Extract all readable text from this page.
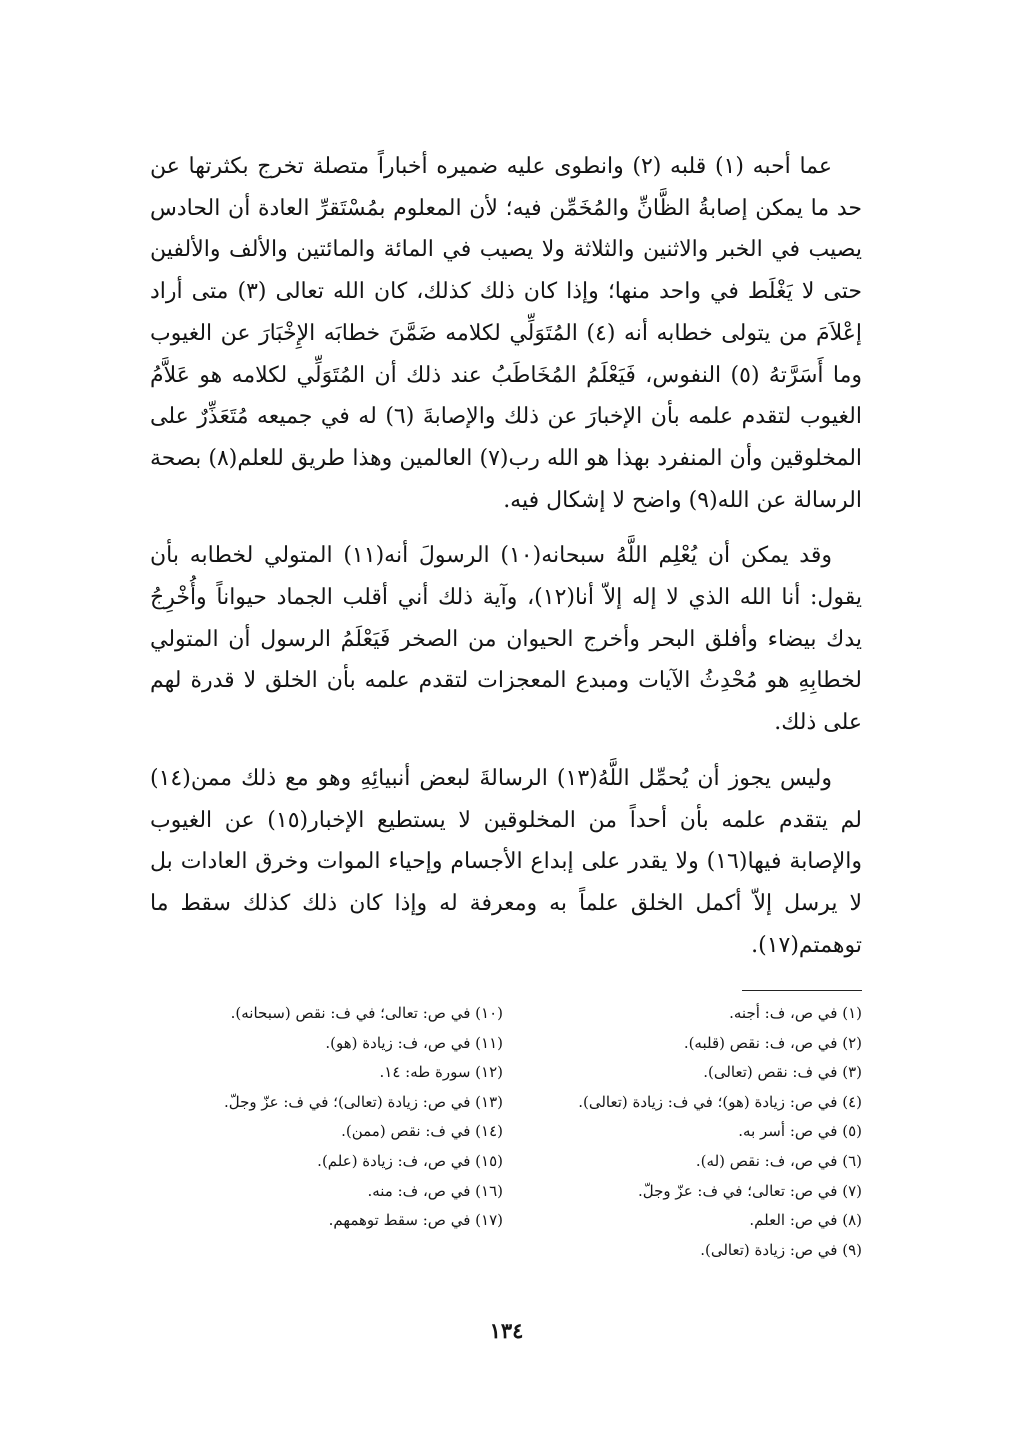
عما أحبه (١) قلبه (٢) وانطوى عليه ضميره أخباراً متصلة تخرج بكثرتها عن حد ما يمكن إصابةُ الظَّانِّ والمُخَمِّن فيه؛ لأن المعلوم بمُسْتَقرِّ العادة أن الحادس يصيب في الخبر والاثنين والثلاثة ولا يصيب في المائة والمائتين والألف والألفين حتى لا يَغْلَط في واحد منها؛ وإذا كان ذلك كذلك، كان الله تعالى (٣) متى أراد إعْلاَمَ من يتولى خطابه أنه (٤) المُتَوَلِّي لكلامه ضَمَّنَ خطابَه الإِخْبَارَ عن الغيوب وما أَسَرَّتهُ (٥) النفوس، فَيَعْلَمُ المُخَاطَبُ عند ذلك أن المُتَوَلِّي لكلامه هو عَلاَّمُ الغيوب لتقدم علمه بأن الإخبارَ عن ذلك والإصابةَ (٦) له في جميعه مُتَعَذِّرٌ على المخلوقين وأن المنفرد بهذا هو الله رب(٧) العالمين وهذا طريق للعلم(٨) بصحة الرسالة عن الله(٩) واضح لا إشكال فيه.

وقد يمكن أن يُعْلِم اللَّهُ سبحانه(١٠) الرسولَ أنه(١١) المتولي لخطابه بأن يقول: أنا الله الذي لا إله إلاّ أنا(١٢)، وآية ذلك أني أقلب الجماد حيواناً وأُخْرِجُ يدك بيضاء وأفلق البحر وأخرج الحيوان من الصخر فَيَعْلَمُ الرسول أن المتولي لخطابِهِ هو مُحْدِثُ الآيات ومبدع المعجزات لتقدم علمه بأن الخلق لا قدرة لهم على ذلك.

وليس يجوز أن يُحمِّل اللَّهُ(١٣) الرسالةَ لبعض أنبيائِهِ وهو مع ذلك ممن(١٤) لم يتقدم علمه بأن أحداً من المخلوقين لا يستطيع الإخبار(١٥) عن الغيوب والإصابة فيها(١٦) ولا يقدر على إبداع الأجسام وإحياء الموات وخرق العادات بل لا يرسل إلاّ أكمل الخلق علماً به ومعرفة له وإذا كان ذلك كذلك سقط ما توهمتم(١٧).

(١) في ص، ف: أجنه.
(٢) في ص، ف: نقص (قلبه).
(٣) في ف: نقص (تعالى).
(٤) في ص: زيادة (هو)؛ في ف: زيادة (تعالى).
(٥) في ص: أسر به.
(٦) في ص، ف: نقص (له).
(٧) في ص: تعالى؛ في ف: عزّ وجلّ.
(٨) في ص: العلم.
(٩) في ص: زيادة (تعالى).
(١٠) في ص: تعالى؛ في ف: نقص (سبحانه).
(١١) في ص، ف: زيادة (هو).
(١٢) سورة طه: ١٤.
(١٣) في ص: زيادة (تعالى)؛ في ف: عزّ وجلّ.
(١٤) في ف: نقص (ممن).
(١٥) في ص، ف: زيادة (علم).
(١٦) في ص، ف: منه.
(١٧) في ص: سقط توهمهم.
١٣٤
